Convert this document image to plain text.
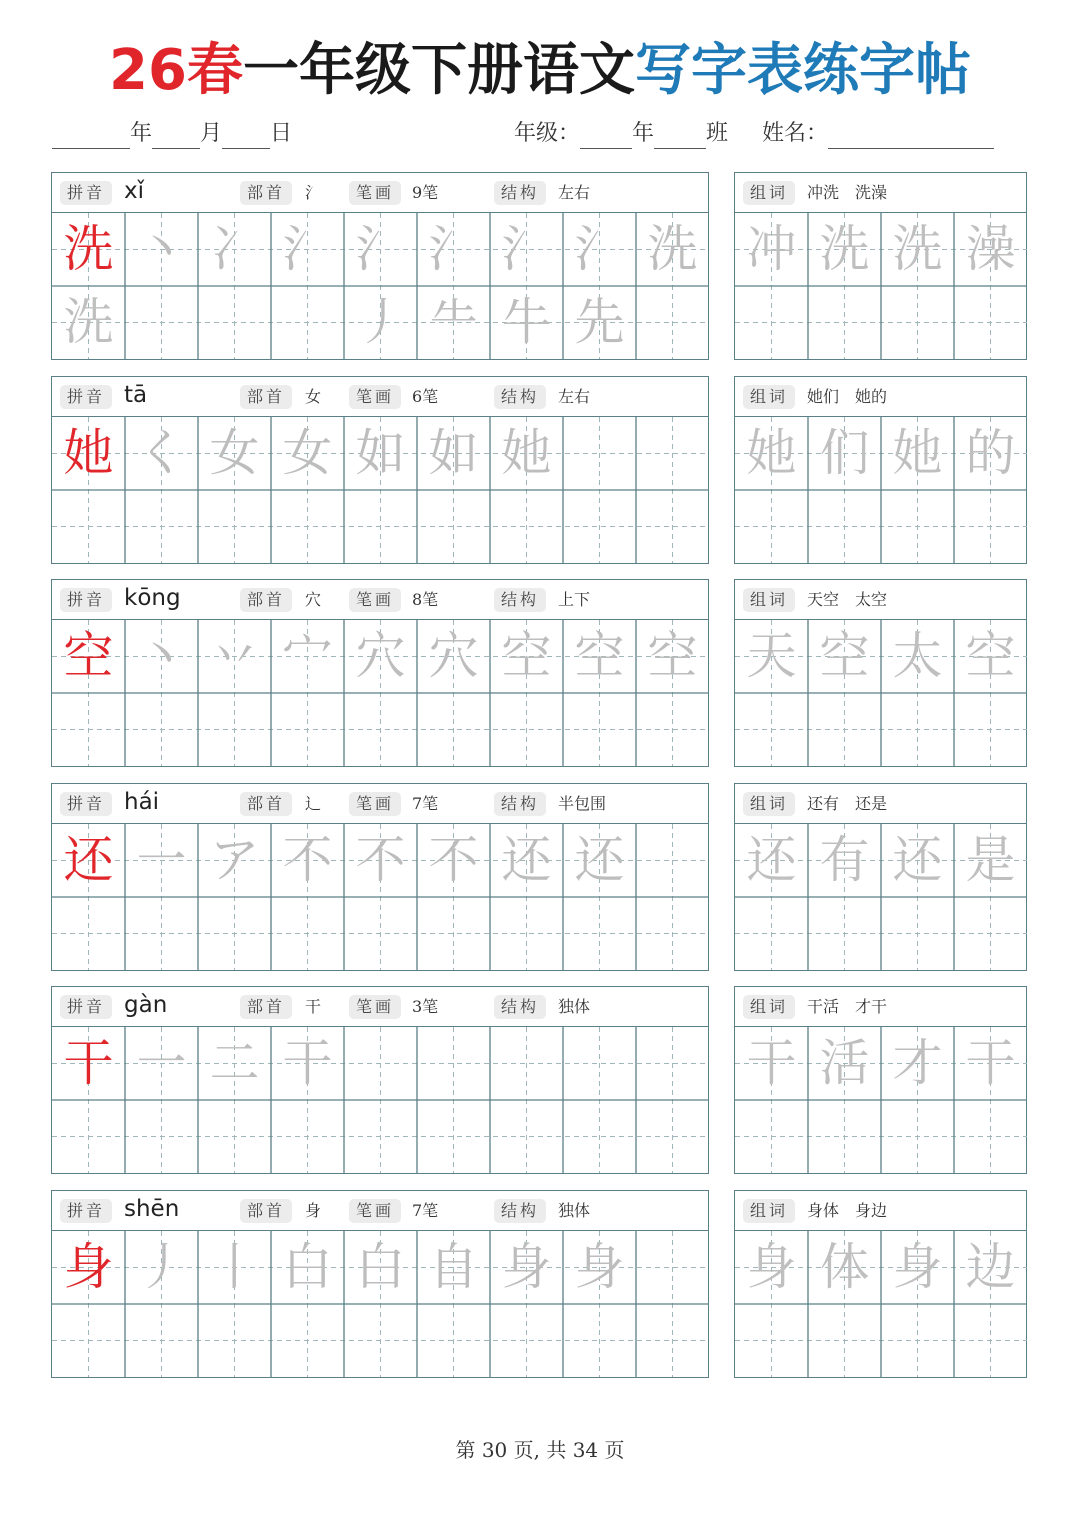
26春一年级下册语文写字表练字帖
年 月 日	年级： 年 班 姓名：
拼音 xǐ	部首	氵	笔画	9笔	结构	左右
洗 丶 冫 氵 氵丿
氵⺧
氵牛
氵先
洗
洗
组词	冲洗　洗澡
冲 洗 洗 澡
拼音 tā	部首	女	笔画	6笔	结构	左右
她 く 女 女 如 如 她
组词	她们　她的
她 们 她 的
拼音 kōng	部首	穴	笔画	8笔	结构	上下
空 丶 丷 宀 穴 穴 空 空 空
组词	天空　太空
天 空 太 空
拼音 hái	部首	辶	笔画	7笔	结构	半包围
还 一 ア 不 不 不 还 还
组词	还有　还是
还 有 还 是
拼音 gàn	部首	干	笔画	3笔	结构	独体
干 一 二 干
组词	干活　才干
干 活 才 干
拼音 shēn	部首	身	笔画	7笔	结构	独体
身 丿 丨 白 白 自 身 身
组词	身体　身边
身 体 身 边
第 30 页, 共 34 页
